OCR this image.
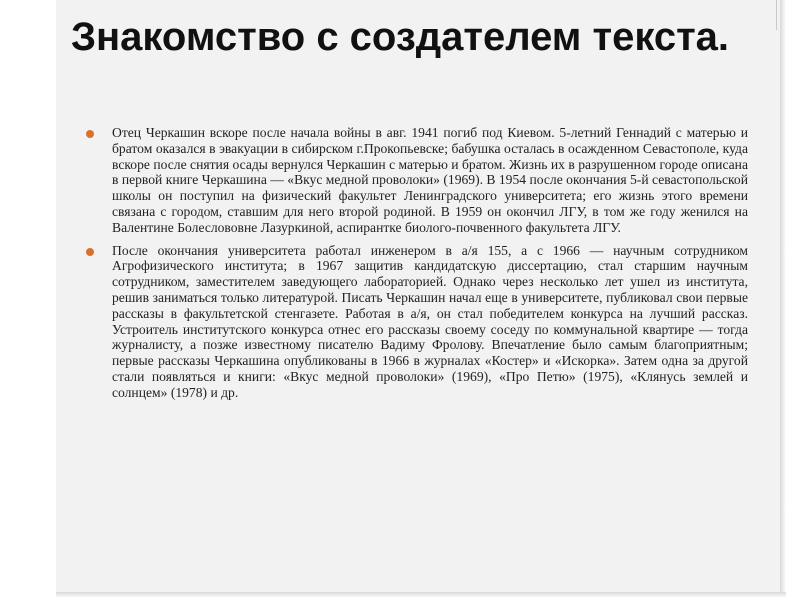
Знакомство с создателем текста.
Отец Черкашин вскоре после начала войны в авг. 1941 погиб под Киевом. 5-летний Геннадий с матерью и братом оказался в эвакуации в сибирском г.Прокопьевске; бабушка осталась в осажденном Севастополе, куда вскоре после снятия осады вернулся Черкашин с матерью и братом. Жизнь их в разрушенном городе описана в первой книге Черкашина — «Вкус медной проволоки» (1969). В 1954 после окончания 5-й севастопольской школы он поступил на физический факультет Ленинградского университета; его жизнь этого времени связана с городом, ставшим для него второй родиной. В 1959 он окончил ЛГУ, в том же году женился на Валентине Болеслововне Лазуркиной, аспирантке биолого-почвенного факультета ЛГУ.
После окончания университета работал инженером в а/я 155, а с 1966 — научным сотрудником Агрофизического института; в 1967 защитив кандидатскую диссертацию, стал старшим научным сотрудником, заместителем заведующего лабораторией. Однако через несколько лет ушел из института, решив заниматься только литературой. Писать Черкашин начал еще в университете, публиковал свои первые рассказы в факультетской стенгазете. Работая в а/я, он стал победителем конкурса на лучший рассказ. Устроитель институтского конкурса отнес его рассказы своему соседу по коммунальной квартире — тогда журналисту, а позже известному писателю Вадиму Фролову. Впечатление было самым благоприятным; первые рассказы Черкашина опубликованы в 1966 в журналах «Костер» и «Искорка». Затем одна за другой стали появляться и книги: «Вкус медной проволоки» (1969), «Про Петю» (1975), «Клянусь землей и солнцем» (1978) и др.
